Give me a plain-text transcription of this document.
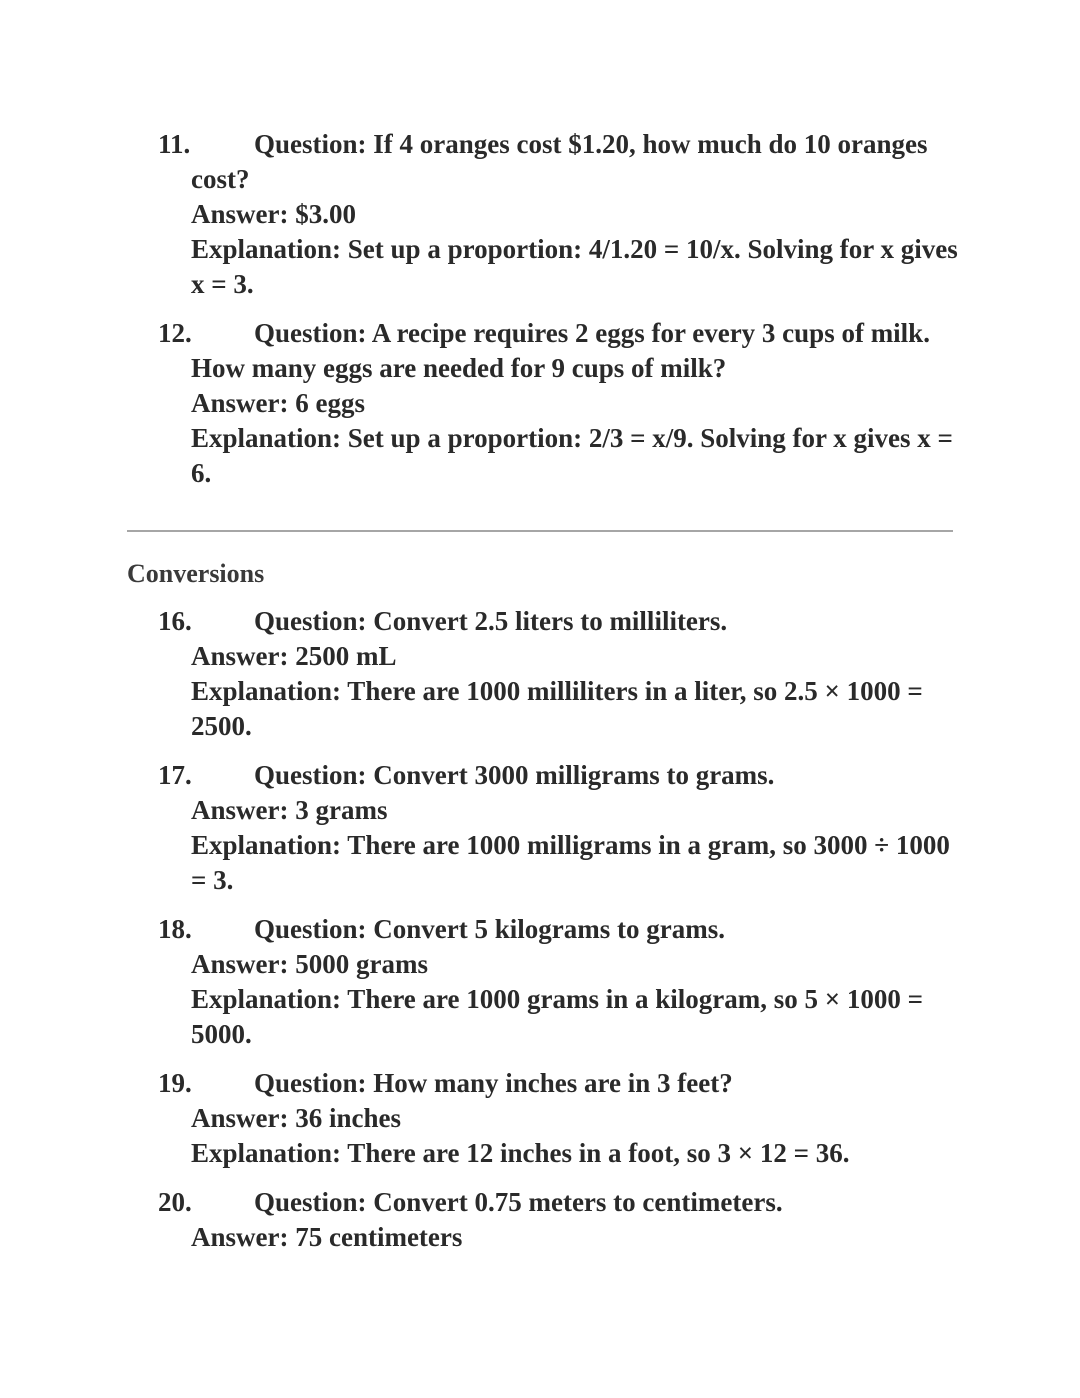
11.	Question: If 4 oranges cost $1.20, how much do 10 oranges cost?
Answer: $3.00
Explanation: Set up a proportion: 4/1.20 = 10/x. Solving for x gives x = 3.
12.	Question: A recipe requires 2 eggs for every 3 cups of milk. How many eggs are needed for 9 cups of milk?
Answer: 6 eggs
Explanation: Set up a proportion: 2/3 = x/9. Solving for x gives x = 6.
Conversions
16.	Question: Convert 2.5 liters to milliliters.
Answer: 2500 mL
Explanation: There are 1000 milliliters in a liter, so 2.5 × 1000 = 2500.
17.	Question: Convert 3000 milligrams to grams.
Answer: 3 grams
Explanation: There are 1000 milligrams in a gram, so 3000 ÷ 1000 = 3.
18.	Question: Convert 5 kilograms to grams.
Answer: 5000 grams
Explanation: There are 1000 grams in a kilogram, so 5 × 1000 = 5000.
19.	Question: How many inches are in 3 feet?
Answer: 36 inches
Explanation: There are 12 inches in a foot, so 3 × 12 = 36.
20.	Question: Convert 0.75 meters to centimeters.
Answer: 75 centimeters
